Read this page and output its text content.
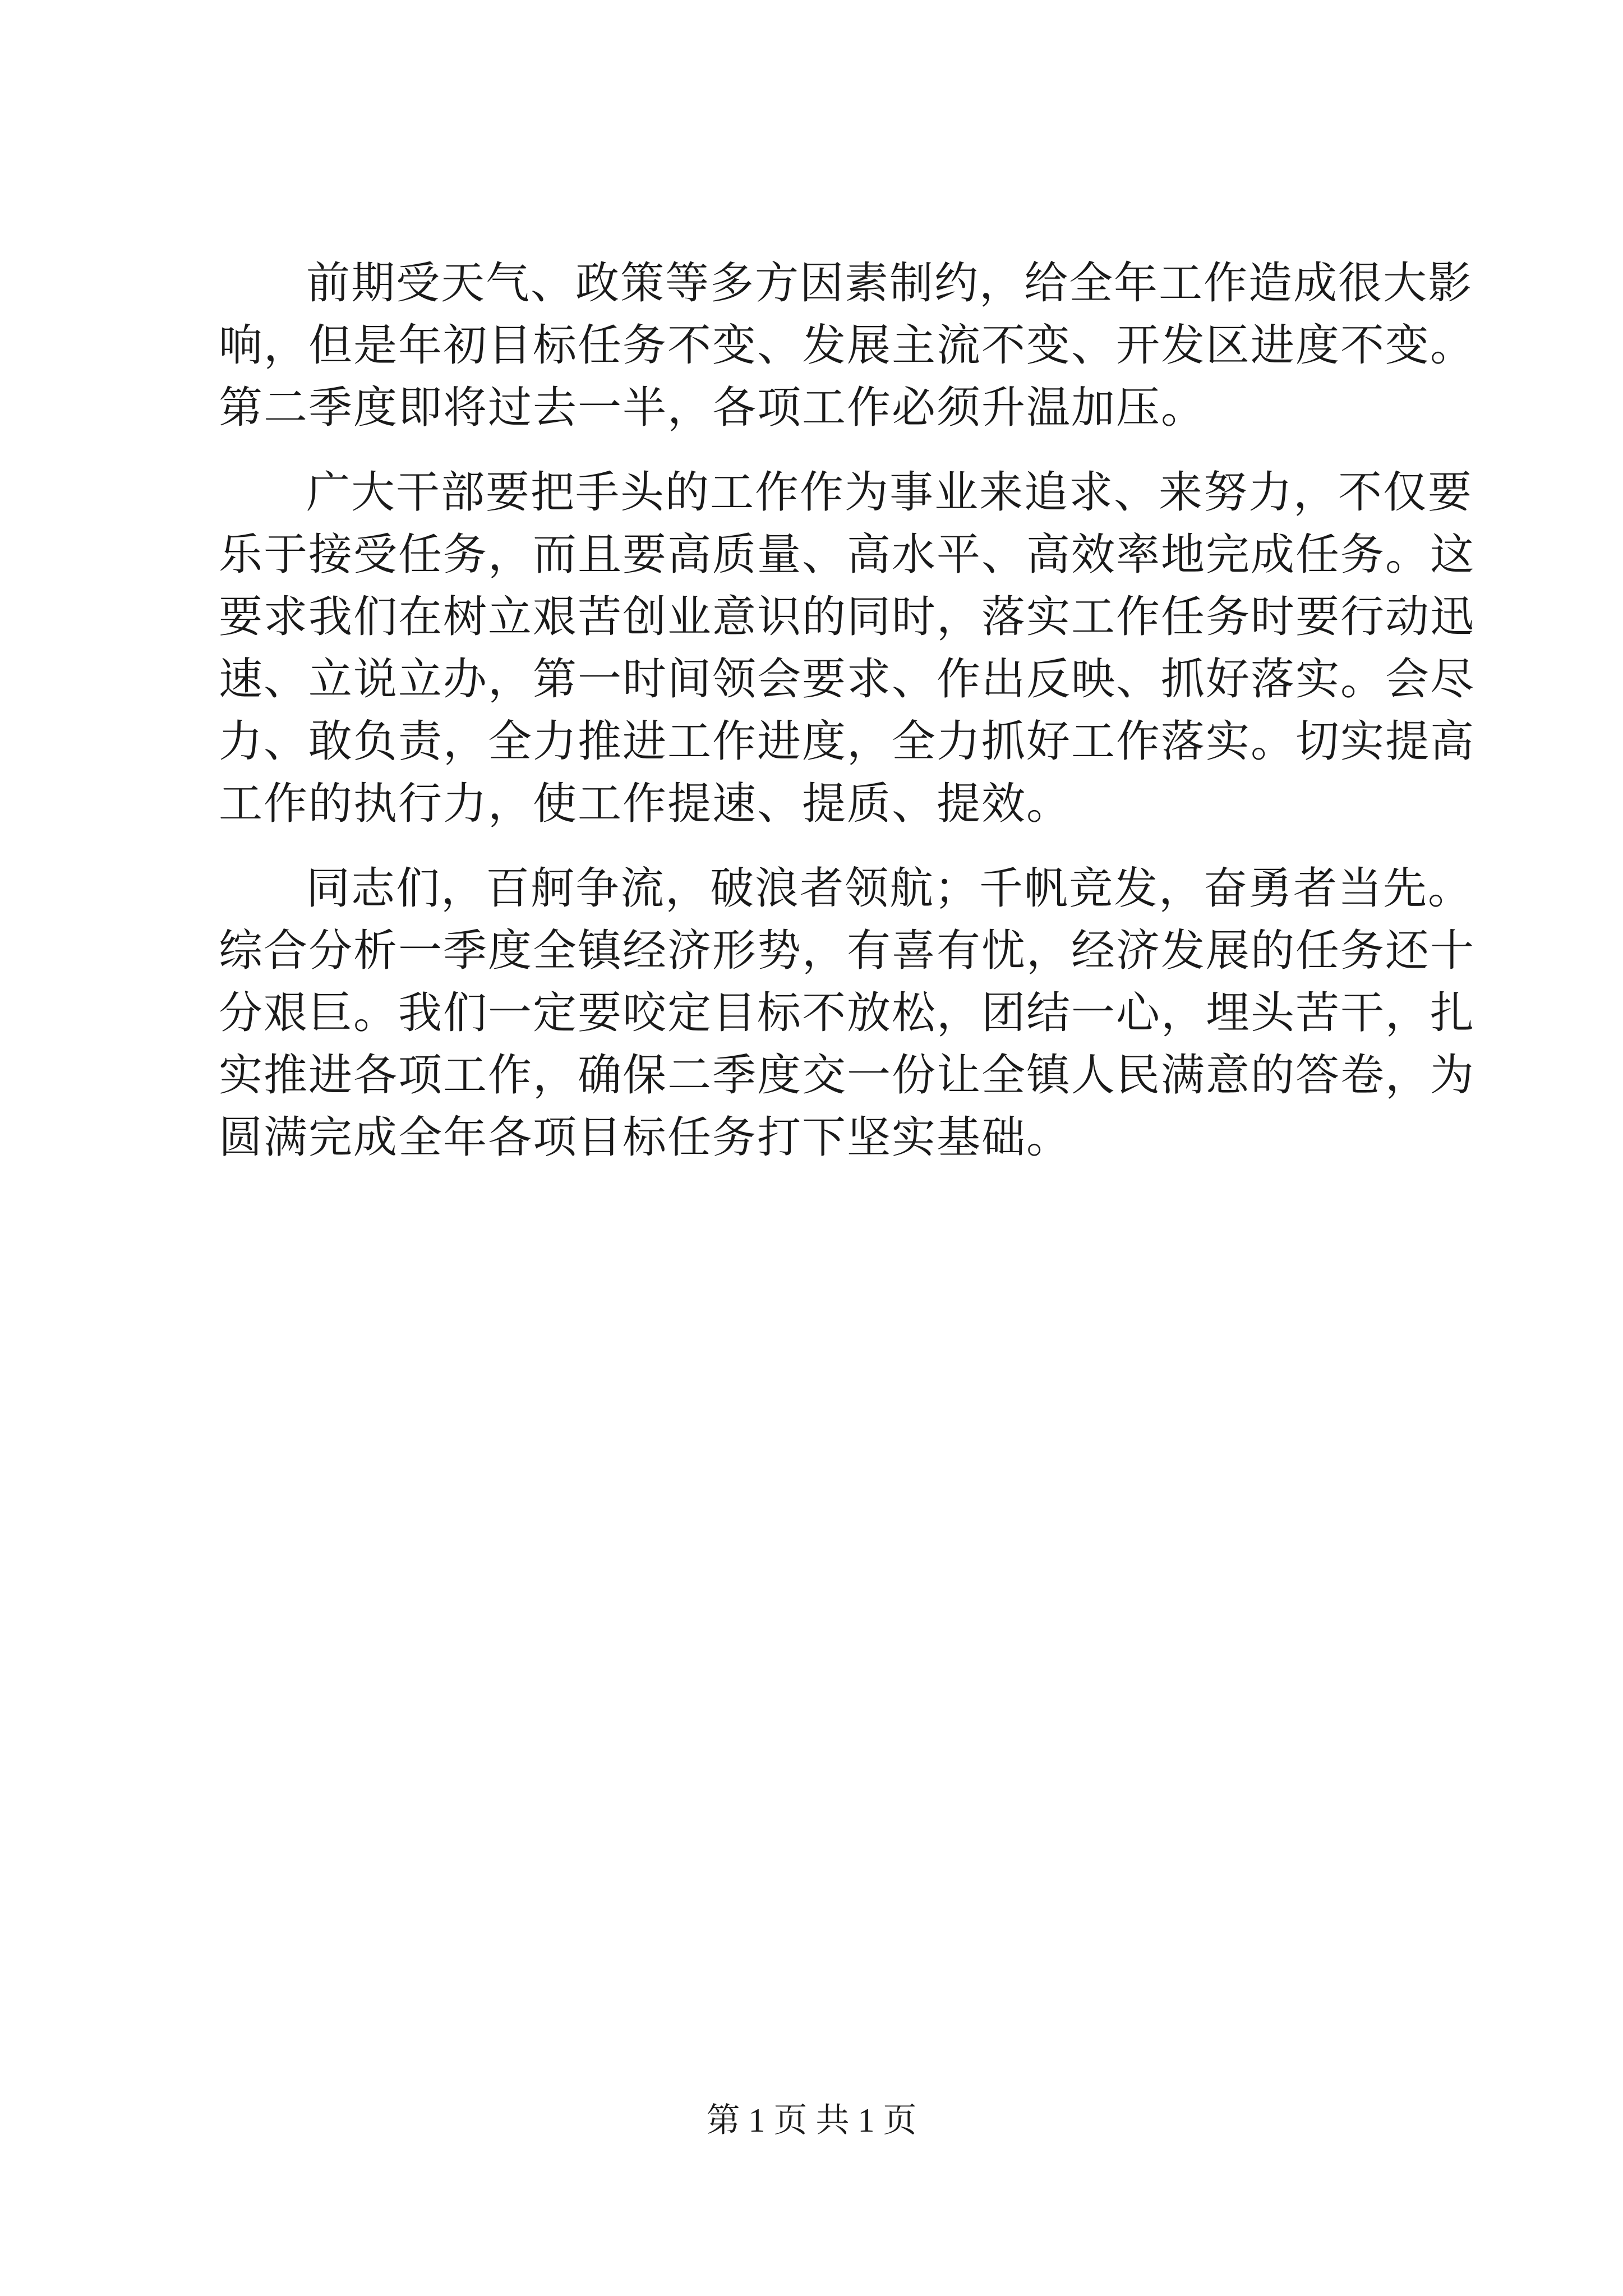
前期受天气、政策等多方因素制约，给全年工作造成很大影
响，但是年初目标任务不变、发展主流不变、开发区进度不变。
第二季度即将过去一半，各项工作必须升温加压。
广大干部要把手头的工作作为事业来追求、来努力，不仅要
乐于接受任务，而且要高质量、高水平、高效率地完成任务。这
要求我们在树立艰苦创业意识的同时，落实工作任务时要行动迅
速、立说立办，第一时间领会要求、作出反映、抓好落实。会尽
力、敢负责，全力推进工作进度，全力抓好工作落实。切实提高
工作的执行力，使工作提速、提质、提效。
同志们，百舸争流，破浪者领航；千帆竞发，奋勇者当先。
综合分析一季度全镇经济形势，有喜有忧，经济发展的任务还十
分艰巨。我们一定要咬定目标不放松，团结一心，埋头苦干，扎
实推进各项工作，确保二季度交一份让全镇人民满意的答卷，为
圆满完成全年各项目标任务打下坚实基础。
第 1 页 共 1 页
